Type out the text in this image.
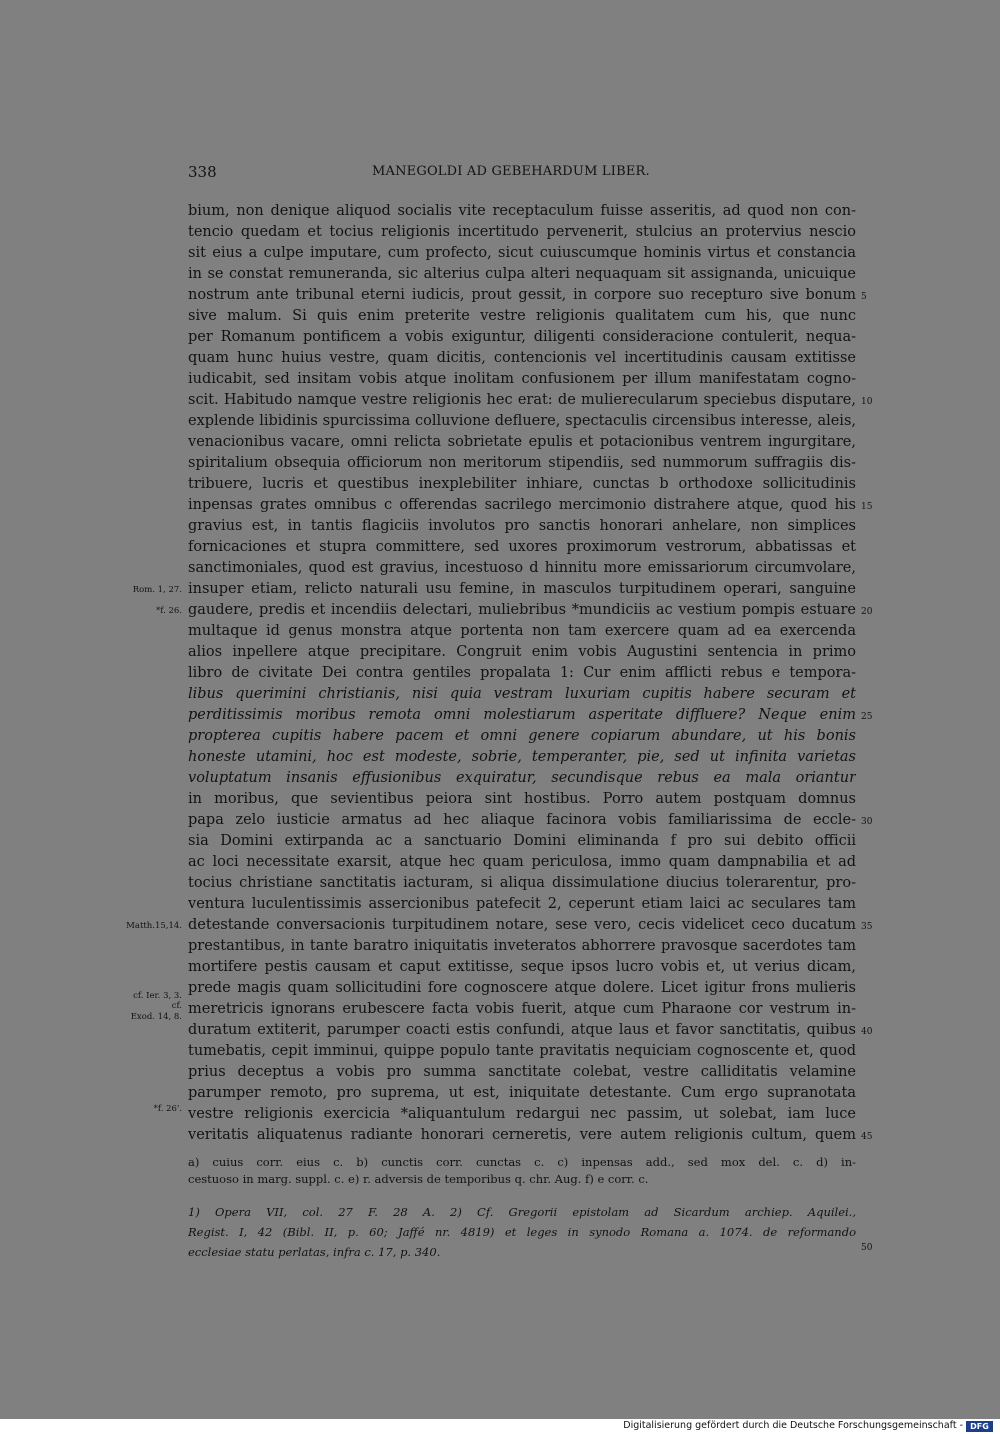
338	MANEGOLDI AD GEBEHARDUM LIBER.
bium, non denique aliquod socialis vite receptaculum fuisse asseritis, ad quod non con-
tencio quedam et tocius religionis incertitudo pervenerit, stulcius an protervius nescio
sit eius a culpe imputare, cum profecto, sicut cuiuscumque hominis virtus et constancia
in se constat remuneranda, sic alterius culpa alteri nequaquam sit assignanda, unicuique
nostrum ante tribunal eterni iudicis, prout gessit, in corpore suo recepturo sive bonum
sive malum. Si quis enim preterite vestre religionis qualitatem cum his, que nunc
per Romanum pontificem a vobis exiguntur, diligenti consideracione contulerit, nequa-
quam hunc huius vestre, quam dicitis, contencionis vel incertitudinis causam extitisse
iudicabit, sed insitam vobis atque inolitam confusionem per illum manifestatam cogno-
scit. Habitudo namque vestre religionis hec erat: de mulierecularum speciebus disputare,
explende libidinis spurcissima colluvione defluere, spectaculis circensibus interesse, aleis,
venacionibus vacare, omni relicta sobrietate epulis et potacionibus ventrem ingurgitare,
spiritalium obsequia officiorum non meritorum stipendiis, sed nummorum suffragiis dis-
tribuere, lucris et questibus inexplebiliter inhiare, cunctas b orthodoxe sollicitudinis
inpensas grates omnibus c offerendas sacrilego mercimonio distrahere atque, quod his
gravius est, in tantis flagiciis involutos pro sanctis honorari anhelare, non simplices
fornicaciones et stupra committere, sed uxores proximorum vestrorum, abbatissas et
sanctimoniales, quod est gravius, incestuoso d hinnitu more emissariorum circumvolare,
insuper etiam, relicto naturali usu femine, in masculos turpitudinem operari, sanguine
gaudere, predis et incendiis delectari, muliebribus *mundiciis ac vestium pompis estuare
multaque id genus monstra atque portenta non tam exercere quam ad ea exercenda
alios inpellere atque precipitare. Congruit enim vobis Augustini sentencia in primo
libro de civitate Dei contra gentiles propalata 1: Cur enim afflicti rebus e tempora-
libus querimini christianis, nisi quia vestram luxuriam cupitis habere securam et
perditissimis moribus remota omni molestiarum asperitate diffluere? Neque enim
propterea cupitis habere pacem et omni genere copiarum abundare, ut his bonis
honeste utamini, hoc est modeste, sobrie, temperanter, pie, sed ut infinita varietas
voluptatum insanis effusionibus exquiratur, secundisque rebus ea mala oriantur
in moribus, que sevientibus peiora sint hostibus. Porro autem postquam domnus
papa zelo iusticie armatus ad hec aliaque facinora vobis familiarissima de eccle-
sia Domini extirpanda ac a sanctuario Domini eliminanda f pro sui debito officii
ac loci necessitate exarsit, atque hec quam periculosa, immo quam dampnabilia et ad
tocius christiane sanctitatis iacturam, si aliqua dissimulatione diucius tolerarentur, pro-
ventura luculentissimis assercionibus patefecit 2, ceperunt etiam laici ac seculares tam
detestande conversacionis turpitudinem notare, sese vero, cecis videlicet ceco ducatum
prestantibus, in tante baratro iniquitatis inveteratos abhorrere pravosque sacerdotes tam
mortifere pestis causam et caput extitisse, seque ipsos lucro vobis et, ut verius dicam,
prede magis quam sollicitudini fore cognoscere atque dolere. Licet igitur frons mulieris
meretricis ignorans erubescere facta vobis fuerit, atque cum Pharaone cor vestrum in-
duratum extiterit, parumper coacti estis confundi, atque laus et favor sanctitatis, quibus
tumebatis, cepit imminui, quippe populo tante pravitatis nequiciam cognoscente et, quod
prius deceptus a vobis pro summa sanctitate colebat, vestre calliditatis velamine
parumper remoto, pro suprema, ut est, iniquitate detestante. Cum ergo supranotata
vestre religionis exercicia *aliquantulum redargui nec passim, ut solebat, iam luce
veritatis aliquatenus radiante honorari cerneretis, vere autem religionis cultum, quem
5
10
15
20
25
30
35
40
45
Rom. 1, 27.
*f. 26.
Matth.15,14.
cf. Ier. 3, 3.
cf.
Exod. 14, 8.
*f. 26'.
a) cuius corr. eius c. b) cunctis corr. cunctas c. c) inpensas add., sed mox del. c. d) in-
cestuoso in marg. suppl. c. e) r. adversis de temporibus q. chr. Aug. f) e corr. c.
1) Opera VII, col. 27 F. 28 A. 2) Cf. Gregorii epistolam ad Sicardum archiep. Aquilei.,
Regist. I, 42 (Bibl. II, p. 60; Jaffé nr. 4819) et leges in synodo Romana a. 1074. de reformando
ecclesiae statu perlatas, infra c. 17, p. 340.	50
Digitalisierung gefördert durch die Deutsche Forschungsgemeinschaft - DFG
